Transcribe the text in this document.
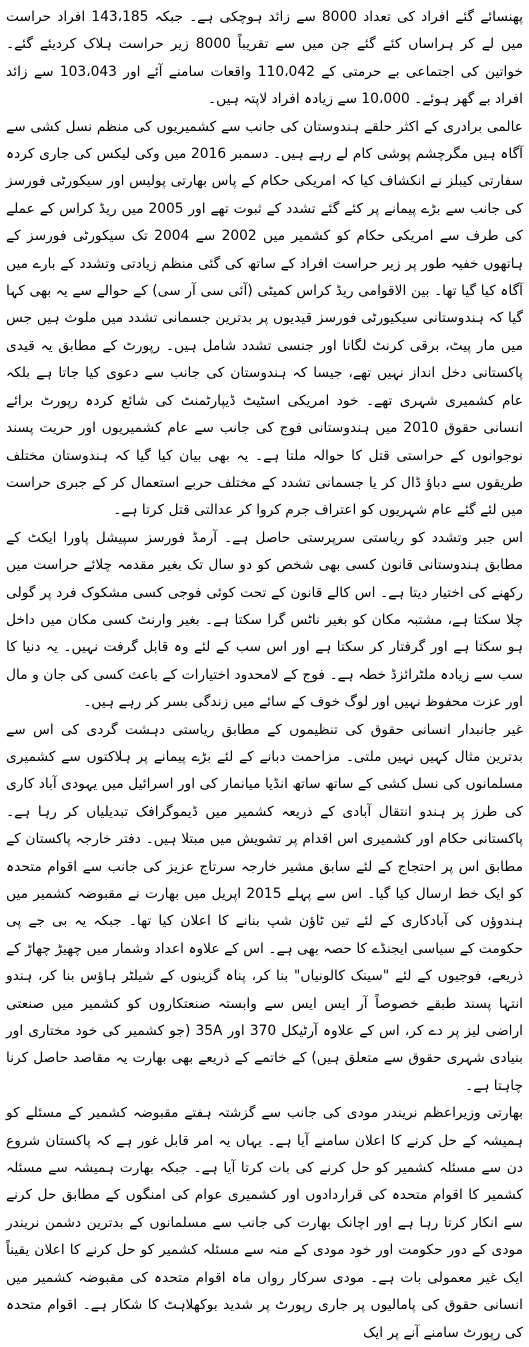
پھنسائے گئے افراد کی تعداد 8000 سے زائد ہوچکی ہے۔ جبکہ 143،185 افراد حراست میں لے کر ہراساں کئے گئے جن میں سے تقریباً 8000 زیر حراست ہلاک کردیئے گئے۔ خواتین کی اجتماعی بے حرمتی کے 110،042 واقعات سامنے آئے اور 103،043 سے زائد افراد بے گھر ہوئے۔ 10،000 سے زیادہ افراد لاپتہ ہیں۔

عالمی برادری کے اکثر حلقے ہندوستان کی جانب سے کشمیریوں کی منظم نسل کشی سے آگاہ ہیں مگرچشم پوشی کام لے رہے ہیں۔ دسمبر 2016 میں وکی لیکس کی جاری کردہ سفارتی کیبلز نے انکشاف کیا کہ امریکی حکام کے پاس بھارتی پولیس اور سیکورٹی فورسز کی جانب سے بڑے پیمانے پر کئے گئے تشدد کے ثبوت تھے اور 2005 میں ریڈ کراس کے عملے کی طرف سے امریکی حکام کو کشمیر میں 2002 سے 2004 تک سیکورٹی فورسز کے ہاتھوں خفیہ طور پر زیر حراست افراد کے ساتھ کی گئی منظم زیادتی وتشدد کے بارے میں آگاہ کیا گیا تھا۔ بین الاقوامی ریڈ کراس کمیٹی (آئی سی آر سی) کے حوالے سے یہ بھی کہا گیا کہ ہندوستانی سیکیورٹی فورسز قیدیوں پر بدترین جسمانی تشدد میں ملوث ہیں جس میں مار پیٹ، برقی کرنٹ لگانا اور جنسی تشدد شامل ہیں۔ رپورٹ کے مطابق یہ قیدی پاکستانی دخل انداز نہیں تھے، جیسا کہ ہندوستان کی جانب سے دعوی کیا جاتا ہے بلکہ عام کشمیری شہری تھے۔ خود امریکی اسٹیٹ ڈیپارٹمنٹ کی شائع کردہ رپورٹ برائے انسانی حقوق 2010 میں ہندوستانی فوج کی جانب سے عام کشمیریوں اور حریت پسند نوجوانوں کے حراستی قتل کا حوالہ ملتا ہے۔ یہ بھی بیان کیا گیا کہ ہندوستان مختلف طریقوں سے دباؤ ڈال کر یا جسمانی تشدد کے مختلف حربے استعمال کر کے جبری حراست میں لئے گئے عام شہریوں کو اعتراف جرم کروا کر عدالتی قتل کرتا ہے۔

اس جبر وتشدد کو ریاستی سرپرستی حاصل ہے۔ آرمڈ فورسز سپیشل پاورا ایکٹ کے مطابق ہندوستانی قانون کسی بھی شخص کو دو سال تک بغیر مقدمہ چلائے حراست میں رکھنے کی اختیار دیتا ہے۔ اس کالے قانون کے تحت کوئی فوجی کسی مشکوک فرد پر گولی چلا سکتا ہے، مشتبہ مکان کو بغیر ناٹس گرا سکتا ہے۔ بغیر وارنٹ کسی مکان میں داخل ہو سکتا ہے اور گرفتار کر سکتا ہے اور اس سب کے لئے وہ قابل گرفت نہیں۔ یہ دنیا کا سب سے زیادہ ملٹرائزڈ خطہ ہے۔ فوج کے لامحدود اختیارات کے باعث کسی کی جان و مال اور عزت محفوظ نہیں اور لوگ خوف کے سائے میں زندگی بسر کر رہے ہیں۔

غیر جانبدار انسانی حقوق کی تنظیموں کے مطابق ریاستی دہشت گردی کی اس سے بدترین مثال کہیں نہیں ملتی۔ مزاحمت دبانے کے لئے بڑے پیمانے پر ہلاکتوں سے کشمیری مسلمانوں کی نسل کشی کے ساتھ ساتھ انڈیا میانمار کی اور اسرائیل میں یہودی آباد کاری کی طرز پر ہندو انتقال آبادی کے ذریعہ کشمیر میں ڈیموگرافک تبدیلیاں کر رہا ہے۔ پاکستانی حکام اور کشمیری اس اقدام پر تشویش میں مبتلا ہیں۔ دفتر خارجہ پاکستان کے مطابق اس پر احتجاج کے لئے سابق مشیر خارجہ سرتاج عزیز کی جانب سے اقوام متحدہ کو ایک خط ارسال کیا گیا۔ اس سے پہلے 2015 اپریل میں بھارت نے مقبوضہ کشمیر میں ہندوؤں کی آبادکاری کے لئے تین ٹاؤن شپ بنانے کا اعلان کیا تھا۔ جبکہ یہ بی جے پی حکومت کے سیاسی ایجنڈے کا حصہ بھی ہے۔ اس کے علاوہ اعداد وشمار میں چھیڑ چھاڑ کے ذریعے، فوجیوں کے لئے "سینک کالونیاں" بنا کر، پناہ گزینوں کے شیلٹر ہاؤس بنا کر، ہندو انتہا پسند طبقے خصوصاً آر ایس ایس سے وابستہ صنعتکاروں کو کشمیر میں صنعتی اراضی لیز پر دے کر، اس کے علاوہ آرٹیکل 370 اور 35A (جو کشمیر کی خود مختاری اور بنیادی شہری حقوق سے متعلق ہیں) کے خاتمے کے ذریعے بھی بھارت یہ مقاصد حاصل کرنا چاہتا ہے۔

بھارتی وزیراعظم نریندر مودی کی جانب سے گزشتہ ہفتے مقبوضہ کشمیر کے مسئلے کو ہمیشہ کے حل کرنے کا اعلان سامنے آیا ہے۔ یہاں یہ امر قابل غور ہے کہ پاکستان شروع دن سے مسئلہ کشمیر کو حل کرنے کی بات کرتا آیا ہے۔ جبکہ بھارت ہمیشہ سے مسئلہ کشمیر کا اقوام متحدہ کی قراردادوں اور کشمیری عوام کی امنگوں کے مطابق حل کرنے سے انکار کرتا رہا ہے اور اچانک بھارت کی جانب سے مسلمانوں کے بدترین دشمن نریندر مودی کے دور حکومت اور خود مودی کے منہ سے مسئلہ کشمیر کو حل کرنے کا اعلان یقیناً ایک غیر معمولی بات ہے۔ مودی سرکار رواں ماہ اقوام متحدہ کی مقبوضہ کشمیر میں انسانی حقوق کی پامالیوں پر جاری رپورٹ پر شدید بوکھلاہٹ کا شکار ہے۔ اقوام متحدہ کی رپورٹ سامنے آنے پر ایک
